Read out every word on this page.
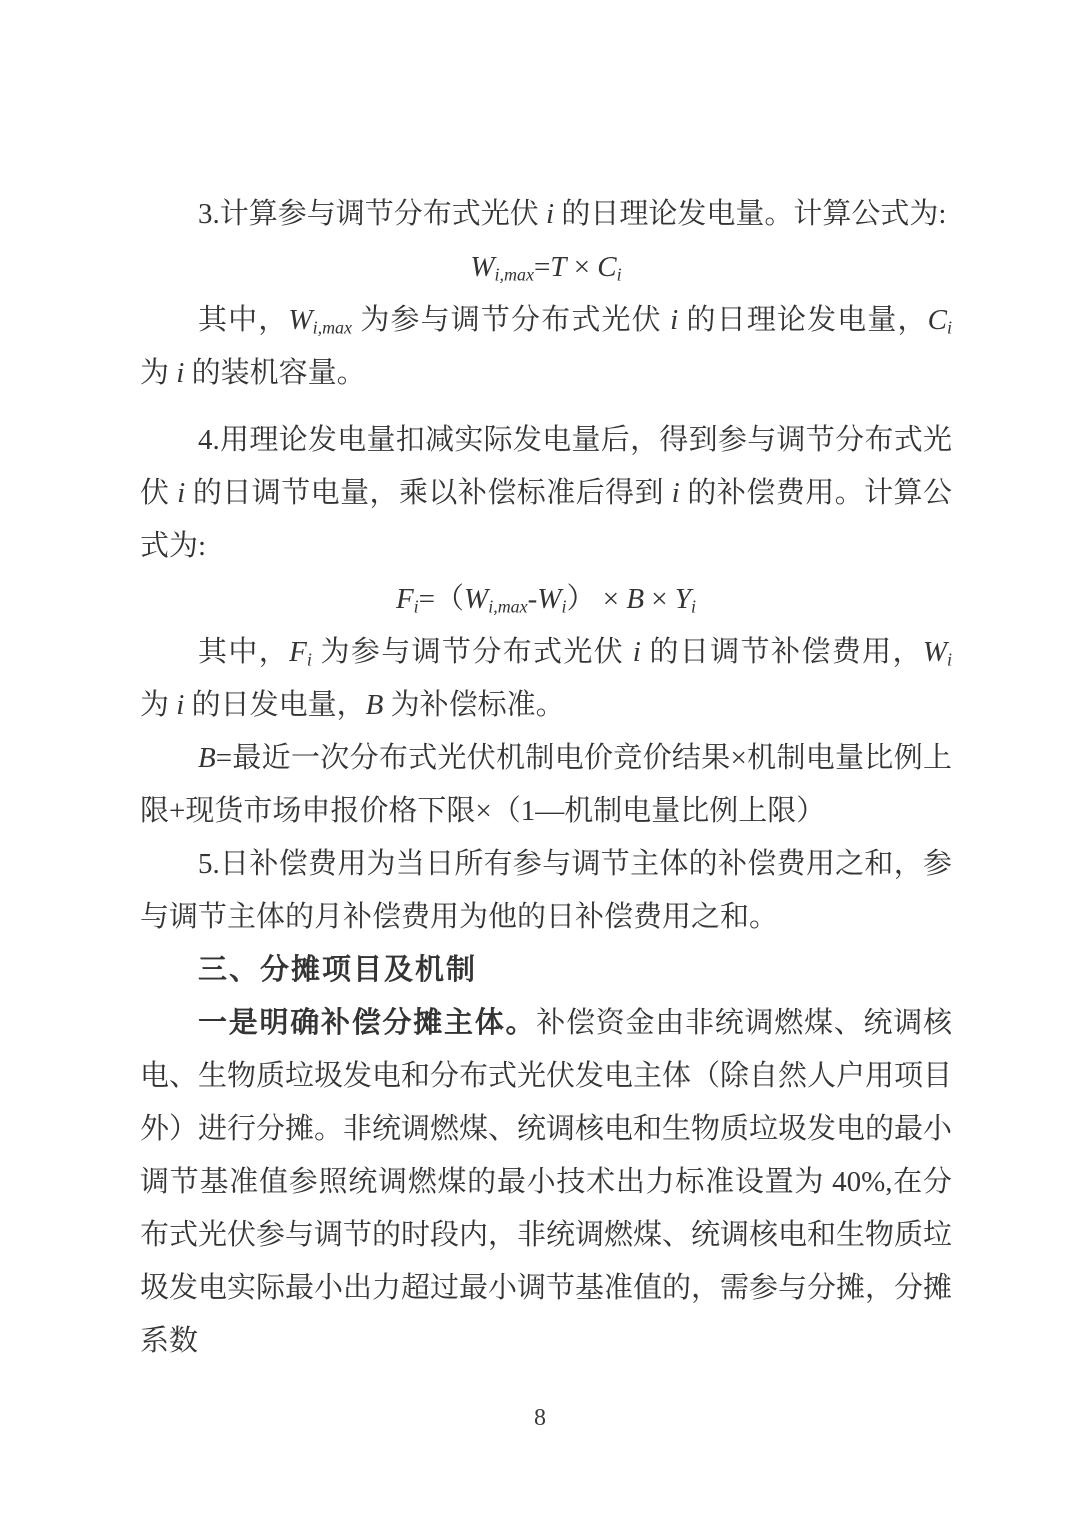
3.计算参与调节分布式光伏 i 的日理论发电量。计算公式为:

$W_{i,max}=T \times C_i$

其中，$W_{i,max}$ 为参与调节分布式光伏 i 的日理论发电量，$C_i$ 为 i 的装机容量。

4.用理论发电量扣减实际发电量后，得到参与调节分布式光伏 i 的日调节电量，乘以补偿标准后得到 i 的补偿费用。计算公式为:

$F_i=(W_{i,max}-W_i) \times B \times Y_i$

其中，$F_i$ 为参与调节分布式光伏 i 的日调节补偿费用，$W_i$ 为 i 的日发电量，B 为补偿标准。

B=最近一次分布式光伏机制电价竞价结果×机制电量比例上限+现货市场申报价格下限×（1—机制电量比例上限）

5.日补偿费用为当日所有参与调节主体的补偿费用之和，参与调节主体的月补偿费用为他的日补偿费用之和。

三、分摊项目及机制

一是明确补偿分摊主体。补偿资金由非统调燃煤、统调核电、生物质垃圾发电和分布式光伏发电主体（除自然人户用项目外）进行分摊。非统调燃煤、统调核电和生物质垃圾发电的最小调节基准值参照统调燃煤的最小技术出力标准设置为 40%,在分布式光伏参与调节的时段内，非统调燃煤、统调核电和生物质垃圾发电实际最小出力超过最小调节基准值的，需参与分摊，分摊系数

8
